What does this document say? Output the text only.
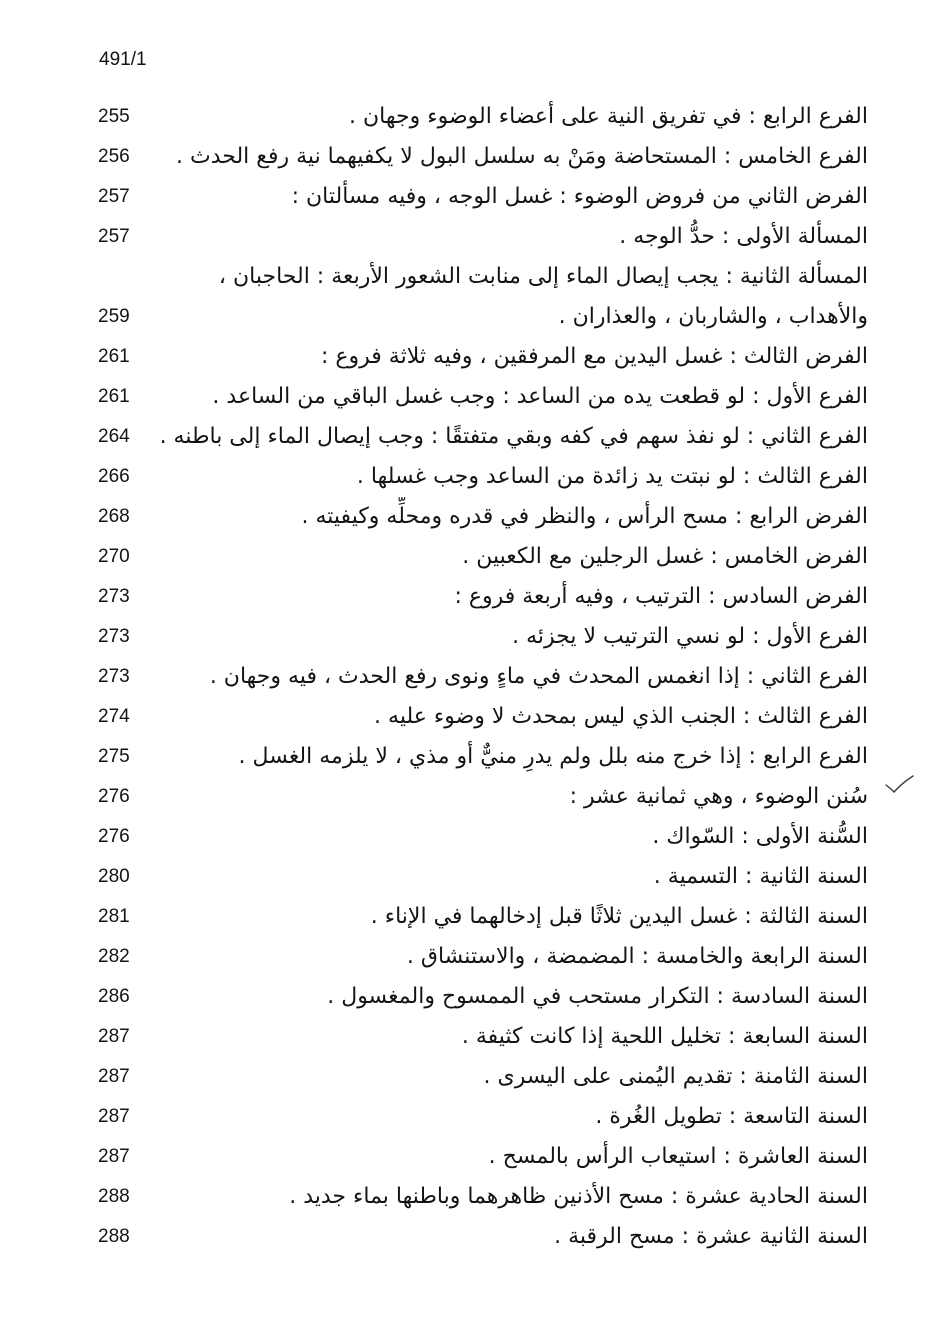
491/1
255	الفرع الرابع : في تفريق النية على أعضاء الوضوء وجهان .
256	الفرع الخامس : المستحاضة ومَنْ به سلسل البول لا يكفيهما نية رفع الحدث .
257	الفرض الثاني من فروض الوضوء : غسل الوجه ، وفيه مسألتان :
257	المسألة الأولى : حدُّ الوجه .
المسألة الثانية : يجب إيصال الماء إلى منابت الشعور الأربعة : الحاجبان ،
259	والأهداب ، والشاربان ، والعذاران .
261	الفرض الثالث : غسل اليدين مع المرفقين ، وفيه ثلاثة فروع :
261	الفرع الأول : لو قطعت يده من الساعد : وجب غسل الباقي من الساعد .
264 الفرع الثاني : لو نفذ سهم في كفه وبقي متفتقًا : وجب إيصال الماء إلى باطنه .
266	الفرع الثالث : لو نبتت يد زائدة من الساعد وجب غسلها .
268	الفرض الرابع : مسح الرأس ، والنظر في قدره ومحلِّه وكيفيته .
270	الفرض الخامس : غسل الرجلين مع الكعبين .
273	الفرض السادس : الترتيب ، وفيه أربعة فروع :
273	الفرع الأول : لو نسي الترتيب لا يجزئه .
273	الفرع الثاني : إذا انغمس المحدث في ماءٍ ونوى رفع الحدث ، فيه وجهان .
274	الفرع الثالث : الجنب الذي ليس بمحدث لا وضوء عليه .
275	الفرع الرابع : إذا خرج منه بلل ولم يدرِ منيٌّ أو مذي ، لا يلزمه الغسل .
276	سُنن الوضوء ، وهي ثمانية عشر :
276	السُّنة الأولى : السّواك .
280	السنة الثانية : التسمية .
281	السنة الثالثة : غسل اليدين ثلاثًا قبل إدخالهما في الإناء .
282	السنة الرابعة والخامسة : المضمضة ، والاستنشاق .
286	السنة السادسة : التكرار مستحب في الممسوح والمغسول .
287	السنة السابعة : تخليل اللحية إذا كانت كثيفة .
287	السنة الثامنة : تقديم اليُمنى على اليسرى .
287	السنة التاسعة : تطويل الغُرة .
287	السنة العاشرة : استيعاب الرأس بالمسح .
288	السنة الحادية عشرة : مسح الأذنين ظاهرهما وباطنها بماء جديد .
288	السنة الثانية عشرة : مسح الرقبة .
